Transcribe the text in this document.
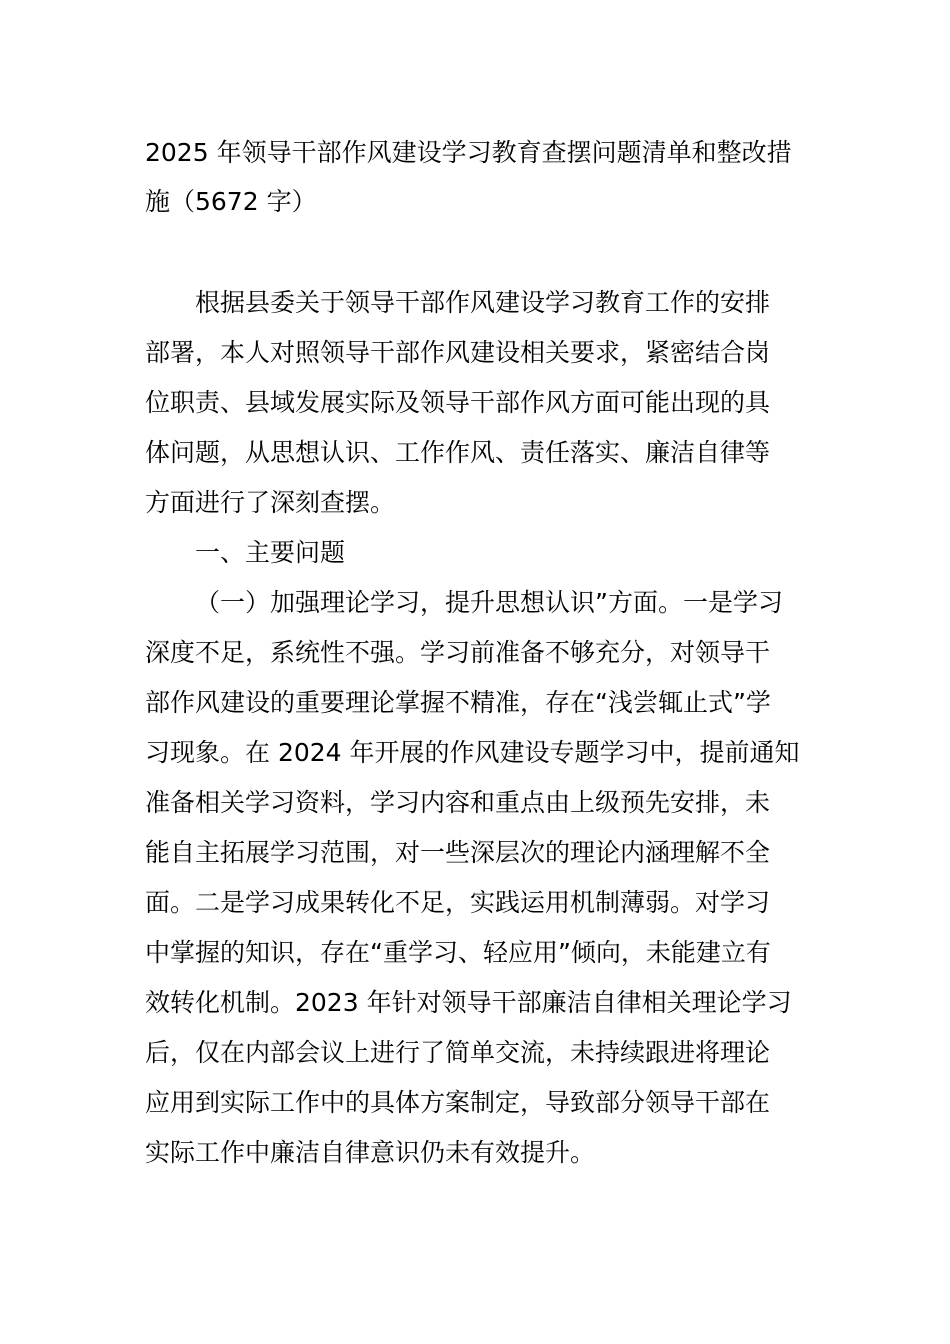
2025 年领导干部作风建设学习教育查摆问题清单和整改措
施（5672 字）
根据县委关于领导干部作风建设学习教育工作的安排
部署，本人对照领导干部作风建设相关要求，紧密结合岗
位职责、县域发展实际及领导干部作风方面可能出现的具
体问题，从思想认识、工作作风、责任落实、廉洁自律等
方面进行了深刻查摆。
一、主要问题
（一）加强理论学习，提升思想认识”方面。一是学习
深度不足，系统性不强。学习前准备不够充分，对领导干
部作风建设的重要理论掌握不精准，存在“浅尝辄止式”学
习现象。在 2024 年开展的作风建设专题学习中，提前通知
准备相关学习资料，学习内容和重点由上级预先安排，未
能自主拓展学习范围，对一些深层次的理论内涵理解不全
面。二是学习成果转化不足，实践运用机制薄弱。对学习
中掌握的知识，存在“重学习、轻应用”倾向，未能建立有
效转化机制。2023 年针对领导干部廉洁自律相关理论学习
后，仅在内部会议上进行了简单交流，未持续跟进将理论
应用到实际工作中的具体方案制定，导致部分领导干部在
实际工作中廉洁自律意识仍未有效提升。
